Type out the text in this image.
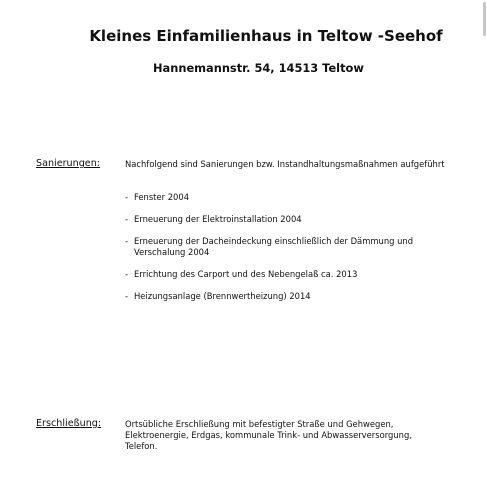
Kleines Einfamilienhaus in Teltow -Seehof
Hannemannstr. 54, 14513 Teltow
Sanierungen:	Nachfolgend sind Sanierungen bzw. Instandhaltungsmaßnahmen aufgeführt
- Fenster 2004
- Erneuerung der Elektroinstallation 2004
- Erneuerung der Dacheindeckung einschließlich der Dämmung und Verschalung 2004
- Errichtung des Carport und des Nebengelaß ca. 2013
- Heizungsanlage (Brennwertheizung) 2014
Erschließung:	Ortsübliche Erschließung mit befestigter Straße und Gehwegen, Elektroenergie, Erdgas, kommunale Trink- und Abwasserversorgung, Telefon.
